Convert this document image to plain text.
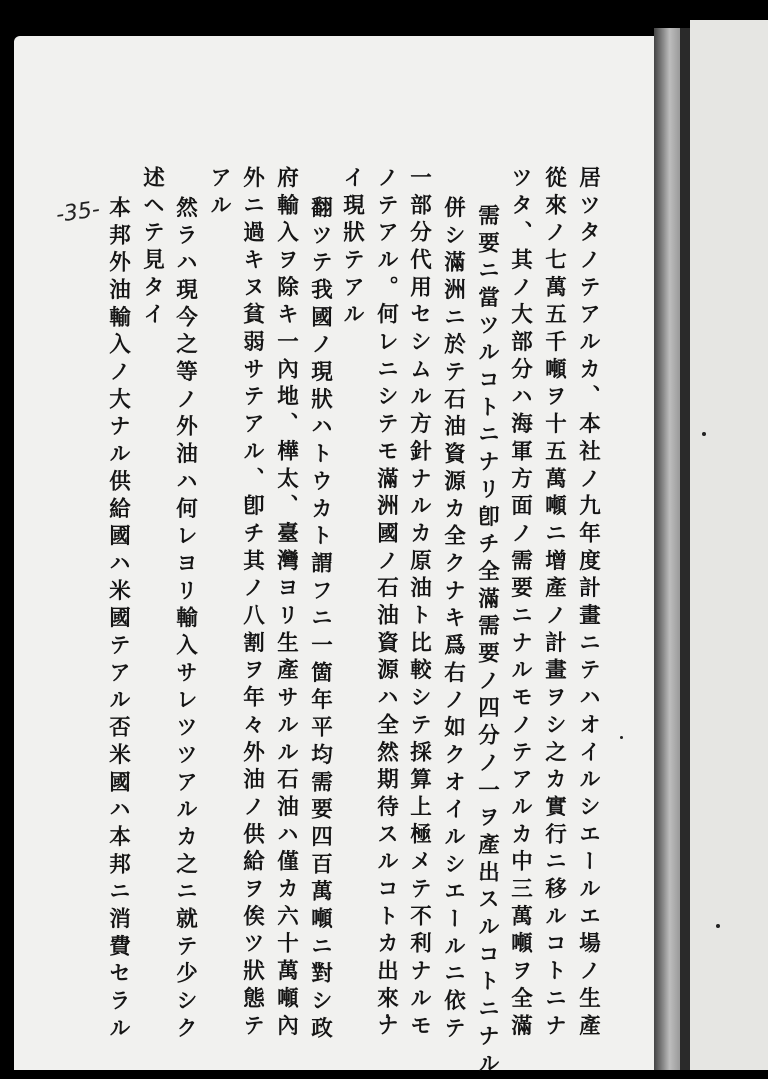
-35-	居ツタノテアルカ、本社ノ九年度計畫ニテハオイルシエールエ場ノ生產
從來ノ七萬五千噸ヲ十五萬噸ニ增產ノ計畫ヲシ之カ實行ニ移ルコトニナ
ツタ、其ノ大部分ハ海軍方面ノ需要ニナルモノテアルカ中三萬噸ヲ全滿
需要ニ當ツルコトニナリ卽チ全滿需要ノ四分ノ一ヲ產出スルコトニナル
併シ滿洲ニ於テ石油資源カ全クナキ爲右ノ如クオイルシエールニ依テ
一部分代用セシムル方針ナルカ原油ト比較シテ採算上極メテ不利ナルモ
ノテアル。何レニシテモ滿洲國ノ石油資源ハ全然期待スルコトカ出來ナ
イ現狀テアル
翻ツテ我國ノ現狀ハトウカト謂フニ一箇年平均需要四百萬噸ニ對シ政
府輸入ヲ除キ一內地、樺太、臺灣ヨリ生產サルル石油ハ僅カ六十萬噸內
外ニ過キヌ貧弱サテアル、卽チ其ノ八割ヲ年々外油ノ供給ヲ俟ツ狀態テ
アル
然ラハ現今之等ノ外油ハ何レヨリ輸入サレツツアルカ之ニ就テ少シク
述ヘテ見タイ
本邦外油輸入ノ大ナル供給國ハ米國テアル否米國ハ本邦ニ消費セラル
